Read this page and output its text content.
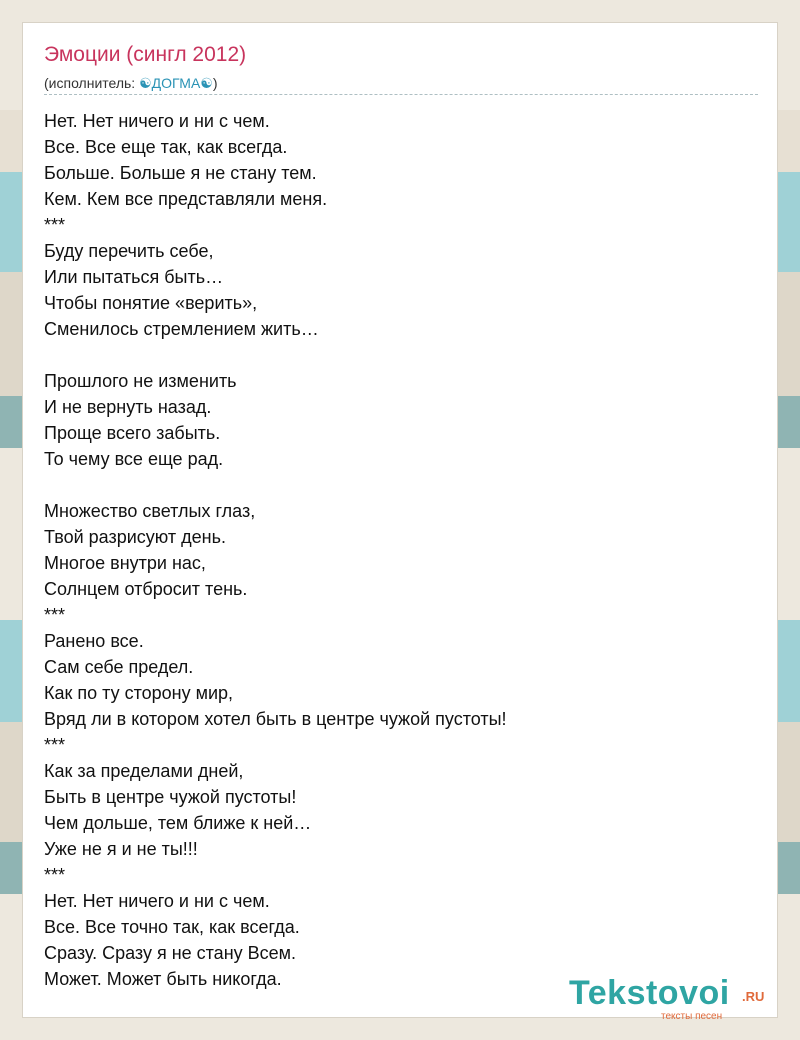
Эмоции (сингл 2012)
(исполнитель: ☯ДОГМА☯)
Нет. Нет ничего и ни с чем.
Все. Все еще так, как всегда.
Больше. Больше я не стану тем.
Кем. Кем все представляли меня.
***
Буду перечить себе,
Или пытаться быть…
Чтобы понятие «верить»,
Сменилось стремлением жить…
Прошлого не изменить
И не вернуть назад.
Проще всего забыть.
То чему все еще рад.
Множество светлых глаз,
Твой разрисуют день.
Многое внутри нас,
Солнцем отбросит тень.
***
Ранено все.
Сам себе предел.
Как по ту сторону мир,
Вряд ли в котором хотел быть в центре чужой пустоты!
***
Как за пределами дней,
Быть в центре чужой пустоты!
Чем дольше, тем ближе к ней…
Уже не я и не ты!!!
***
Нет. Нет ничего и ни с чем.
Все. Все точно так, как всегда.
Сразу. Сразу я не стану Всем.
Может. Может быть никогда.	Tekstovoi .RU
тексты песен
